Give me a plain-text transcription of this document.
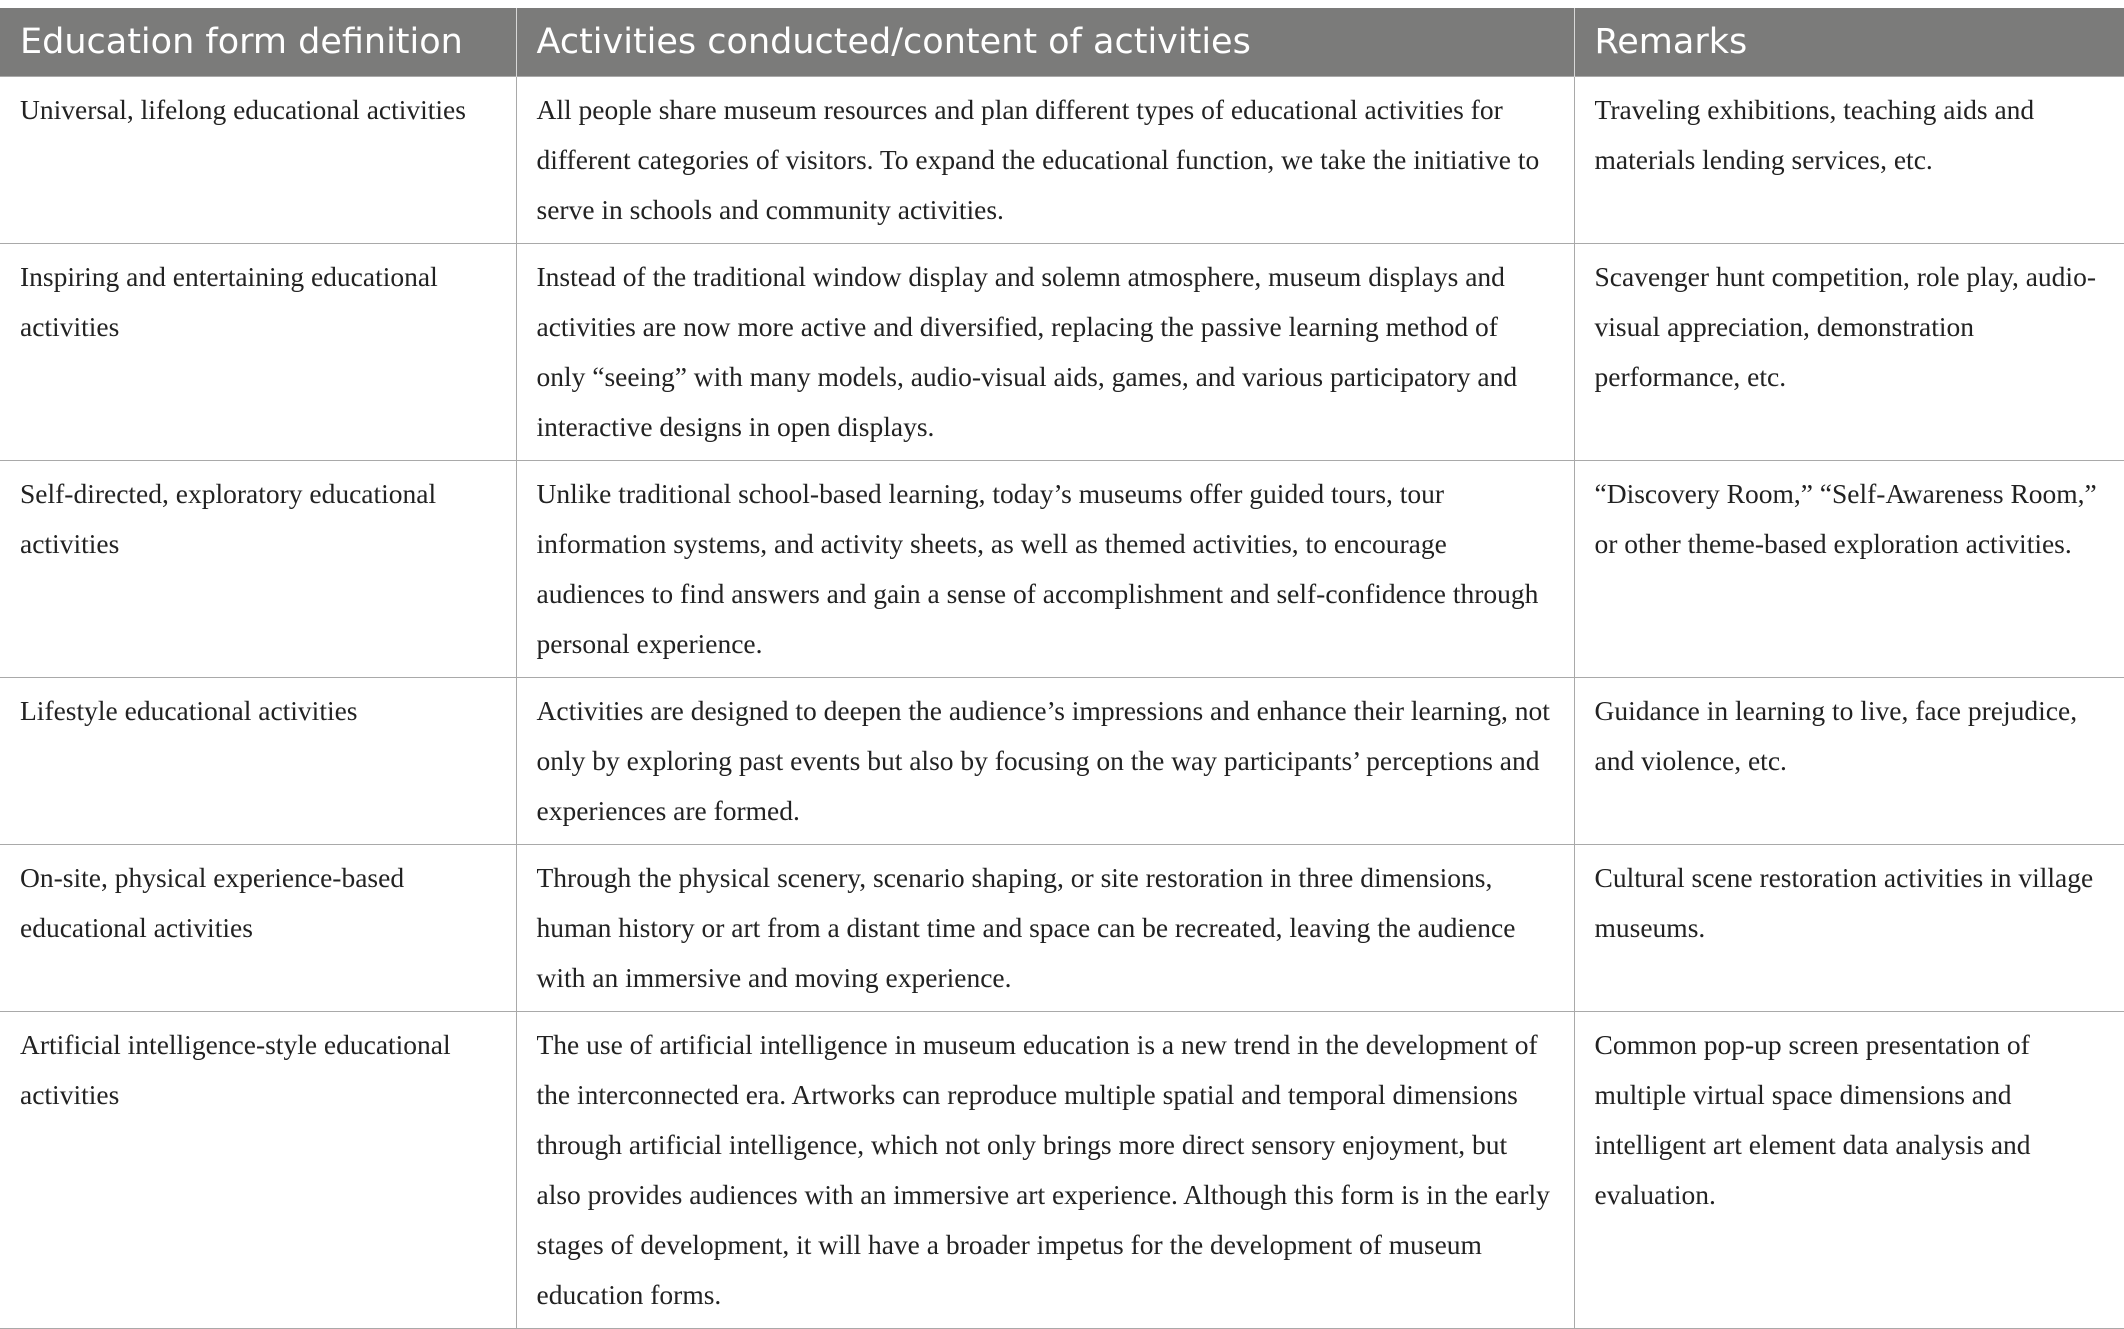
Education form definition	Activities conducted/content of activities	Remarks
Universal, lifelong educational activities	All people share museum resources and plan different types of educational activities for different categories of visitors. To expand the educational function, we take the initiative to serve in schools and community activities.	Traveling exhibitions, teaching aids and materials lending services, etc.
Inspiring and entertaining educational activities	Instead of the traditional window display and solemn atmosphere, museum displays and activities are now more active and diversified, replacing the passive learning method of only “seeing” with many models, audio-visual aids, games, and various participatory and interactive designs in open displays.	Scavenger hunt competition, role play, audio-visual appreciation, demonstration performance, etc.
Self-directed, exploratory educational activities	Unlike traditional school-based learning, today’s museums offer guided tours, tour information systems, and activity sheets, as well as themed activities, to encourage audiences to find answers and gain a sense of accomplishment and self-confidence through personal experience.	“Discovery Room,” “Self-Awareness Room,” or other theme-based exploration activities.
Lifestyle educational activities	Activities are designed to deepen the audience’s impressions and enhance their learning, not only by exploring past events but also by focusing on the way participants’ perceptions and experiences are formed.	Guidance in learning to live, face prejudice, and violence, etc.
On-site, physical experience-based educational activities	Through the physical scenery, scenario shaping, or site restoration in three dimensions, human history or art from a distant time and space can be recreated, leaving the audience with an immersive and moving experience.	Cultural scene restoration activities in village museums.
Artificial intelligence-style educational activities	The use of artificial intelligence in museum education is a new trend in the development of the interconnected era. Artworks can reproduce multiple spatial and temporal dimensions through artificial intelligence, which not only brings more direct sensory enjoyment, but also provides audiences with an immersive art experience. Although this form is in the early stages of development, it will have a broader impetus for the development of museum education forms.	Common pop-up screen presentation of multiple virtual space dimensions and intelligent art element data analysis and evaluation.
